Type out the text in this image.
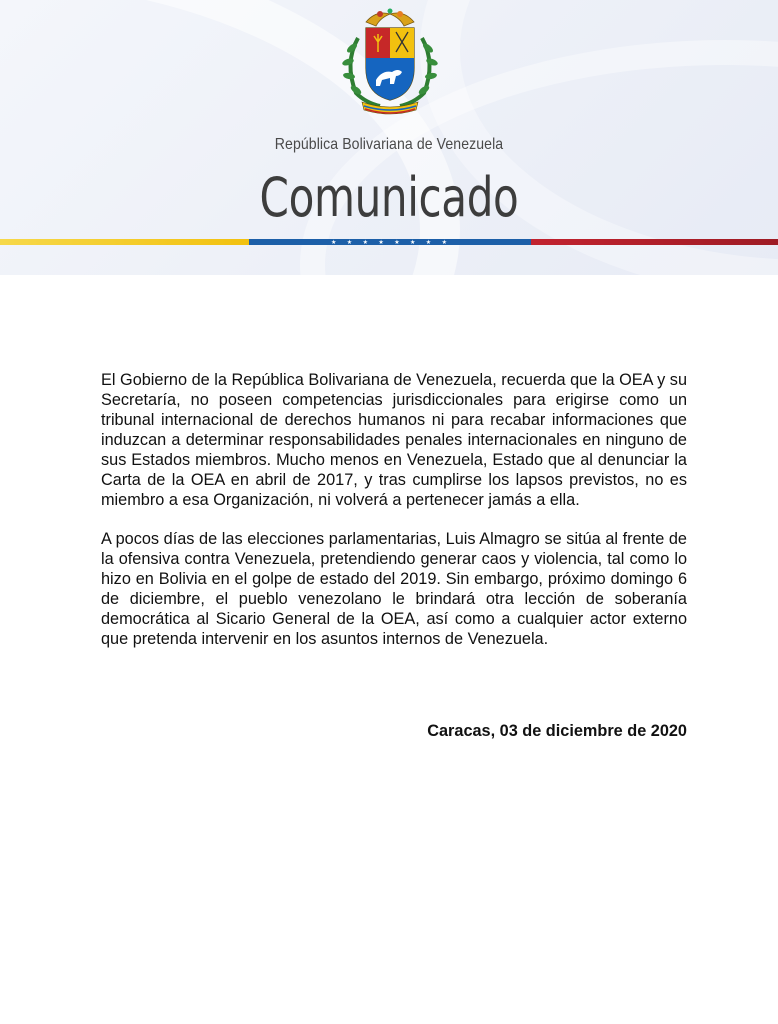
República Bolivariana de Venezuela
Comunicado
★ ★ ★ ★ ★ ★ ★ ★

El Gobierno de la República Bolivariana de Venezuela, recuerda que la OEA y su Secretaría, no poseen competencias jurisdiccionales para erigirse como un tribunal internacional de derechos humanos ni para recabar informaciones que induzcan a determinar responsabilidades penales internacionales en ninguno de sus Estados miembros. Mucho menos en Venezuela, Estado que al denunciar la Carta de la OEA en abril de 2017, y tras cumplirse los lapsos previstos, no es miembro a esa Organización, ni volverá a pertenecer jamás a ella.

A pocos días de las elecciones parlamentarias, Luis Almagro se sitúa al frente de la ofensiva contra Venezuela, pretendiendo generar caos y violencia, tal como lo hizo en Bolivia en el golpe de estado del 2019. Sin embargo, próximo domingo 6 de diciembre, el pueblo venezolano le brindará otra lección de soberanía democrática al Sicario General de la OEA, así como a cualquier actor externo que pretenda intervenir en los asuntos internos de Venezuela.

Caracas, 03 de diciembre de 2020
